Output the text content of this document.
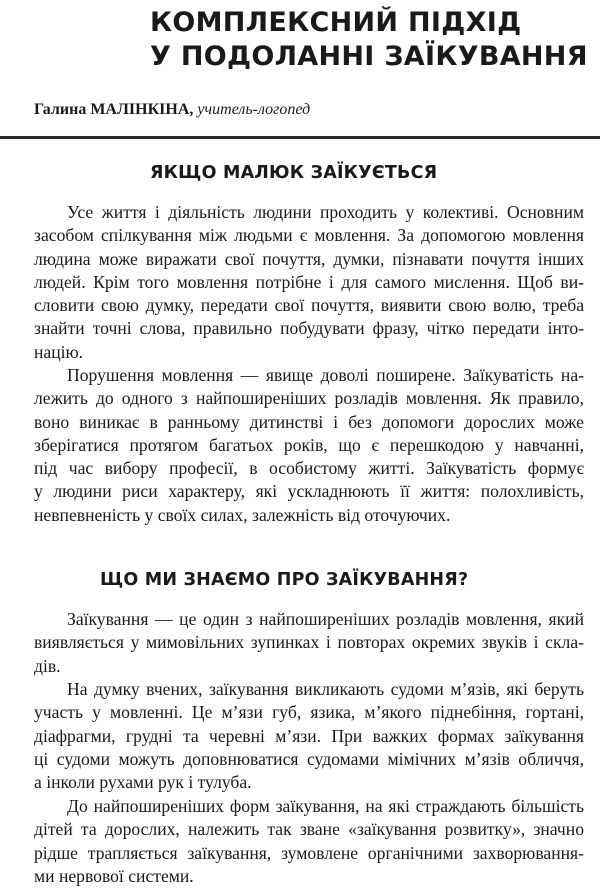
КОМПЛЕКСНИЙ ПІДХІД
У ПОДОЛАННІ ЗАЇКУВАННЯ
Галина МАЛІНКІНА, учитель-логопед
ЯКЩО МАЛЮК ЗАЇКУЄТЬСЯ

Усе життя і діяльність людини проходить у колективі. Основним
засобом спілкування між людьми є мовлення. За допомогою мовлення
людина може виражати свої почуття, думки, пізнавати почуття інших
людей. Крім того мовлення потрібне і для самого мислення. Щоб ви-
словити свою думку, передати свої почуття, виявити свою волю, треба
знайти точні слова, правильно побудувати фразу, чітко передати інто-
націю.

Порушення мовлення — явище доволі поширене. Заїкуватість на-
лежить до одного з найпоширеніших розладів мовлення. Як правило,
воно виникає в ранньому дитинстві і без допомоги дорослих може
зберігатися протягом багатьох років, що є перешкодою у навчанні,
під час вибору професії, в особистому житті. Заїкуватість формує
у людини риси характеру, які ускладнюють її життя: полохливість,
невпевненість у своїх силах, залежність від оточуючих.

ЩО МИ ЗНАЄМО ПРО ЗАЇКУВАННЯ?

Заїкування — це один з найпоширеніших розладів мовлення, який
виявляється у мимовільних зупинках і повторах окремих звуків і скла-
дів.

На думку вчених, заїкування викликають судоми м’язів, які беруть
участь у мовленні. Це м’язи губ, язика, м’якого піднебіння, гортані,
діафрагми, грудні та черевні м’язи. При важких формах заїкування
ці судоми можуть доповнюватися судомами мімічних м’язів обличчя,
а інколи рухами рук і тулуба.

До найпоширеніших форм заїкування, на які страждають більшість
дітей та дорослих, належить так зване «заїкування розвитку», значно
рідше трапляється заїкування, зумовлене органічними захворювання-
ми нервової системи.
